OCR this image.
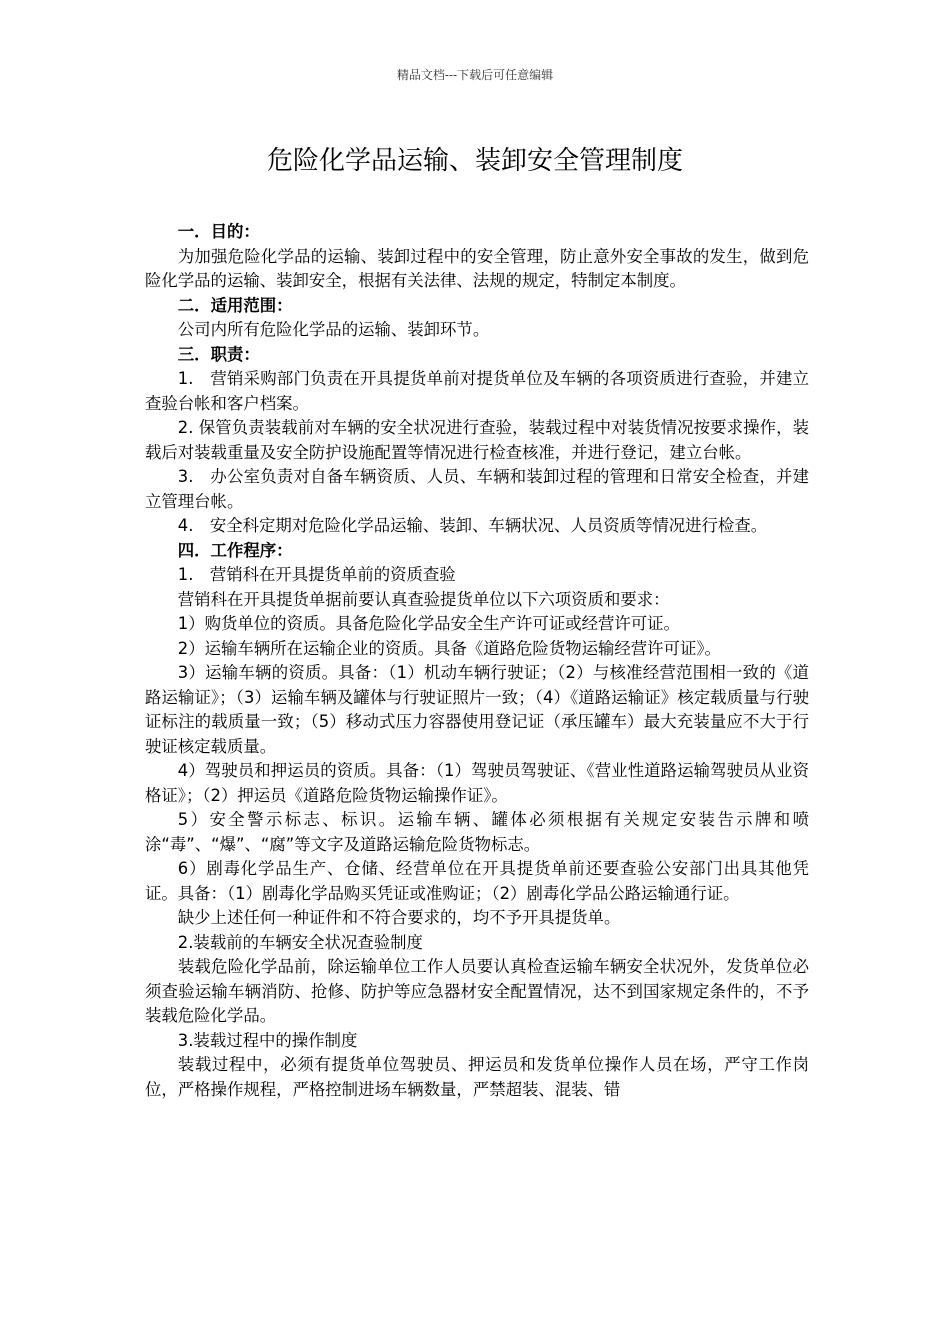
精品文档---下载后可任意编辑
危险化学品运输、装卸安全管理制度

一．目的：

为加强危险化学品的运输、装卸过程中的安全管理，防止意外安全事故的发生，做到危险化学品的运输、装卸安全，根据有关法律、法规的规定，特制定本制度。

二．适用范围：

公司内所有危险化学品的运输、装卸环节。

三．职责：

1.　营销采购部门负责在开具提货单前对提货单位及车辆的各项资质进行查验，并建立查验台帐和客户档案。

2. 保管负责装载前对车辆的安全状况进行查验，装载过程中对装货情况按要求操作，装载后对装载重量及安全防护设施配置等情况进行检查核准，并进行登记，建立台帐。

3.　办公室负责对自备车辆资质、人员、车辆和装卸过程的管理和日常安全检查，并建立管理台帐。

4.　安全科定期对危险化学品运输、装卸、车辆状况、人员资质等情况进行检查。

四．工作程序：

1.　营销科在开具提货单前的资质查验

营销科在开具提货单据前要认真查验提货单位以下六项资质和要求：

1）购货单位的资质。具备危险化学品安全生产许可证或经营许可证。

2）运输车辆所在运输企业的资质。具备《道路危险货物运输经营许可证》。

3）运输车辆的资质。具备：（1）机动车辆行驶证；（2）与核准经营范围相一致的《道路运输证》；（3）运输车辆及罐体与行驶证照片一致；（4）《道路运输证》核定载质量与行驶证标注的载质量一致；（5）移动式压力容器使用登记证（承压罐车）最大充装量应不大于行驶证核定载质量。

4）驾驶员和押运员的资质。具备：（1）驾驶员驾驶证、《营业性道路运输驾驶员从业资格证》；（2）押运员《道路危险货物运输操作证》。

5）安全警示标志、标识。运输车辆、罐体必须根据有关规定安装告示牌和喷涂“毒”、“爆”、“腐”等文字及道路运输危险货物标志。

6）剧毒化学品生产、仓储、经营单位在开具提货单前还要查验公安部门出具其他凭证。具备：（1）剧毒化学品购买凭证或准购证；（2）剧毒化学品公路运输通行证。

缺少上述任何一种证件和不符合要求的，均不予开具提货单。

2.装载前的车辆安全状况查验制度

装载危险化学品前，除运输单位工作人员要认真检查运输车辆安全状况外，发货单位必须查验运输车辆消防、抢修、防护等应急器材安全配置情况，达不到国家规定条件的，不予装载危险化学品。

3.装载过程中的操作制度

装载过程中，必须有提货单位驾驶员、押运员和发货单位操作人员在场，严守工作岗位，严格操作规程，严格控制进场车辆数量，严禁超装、混装、错
